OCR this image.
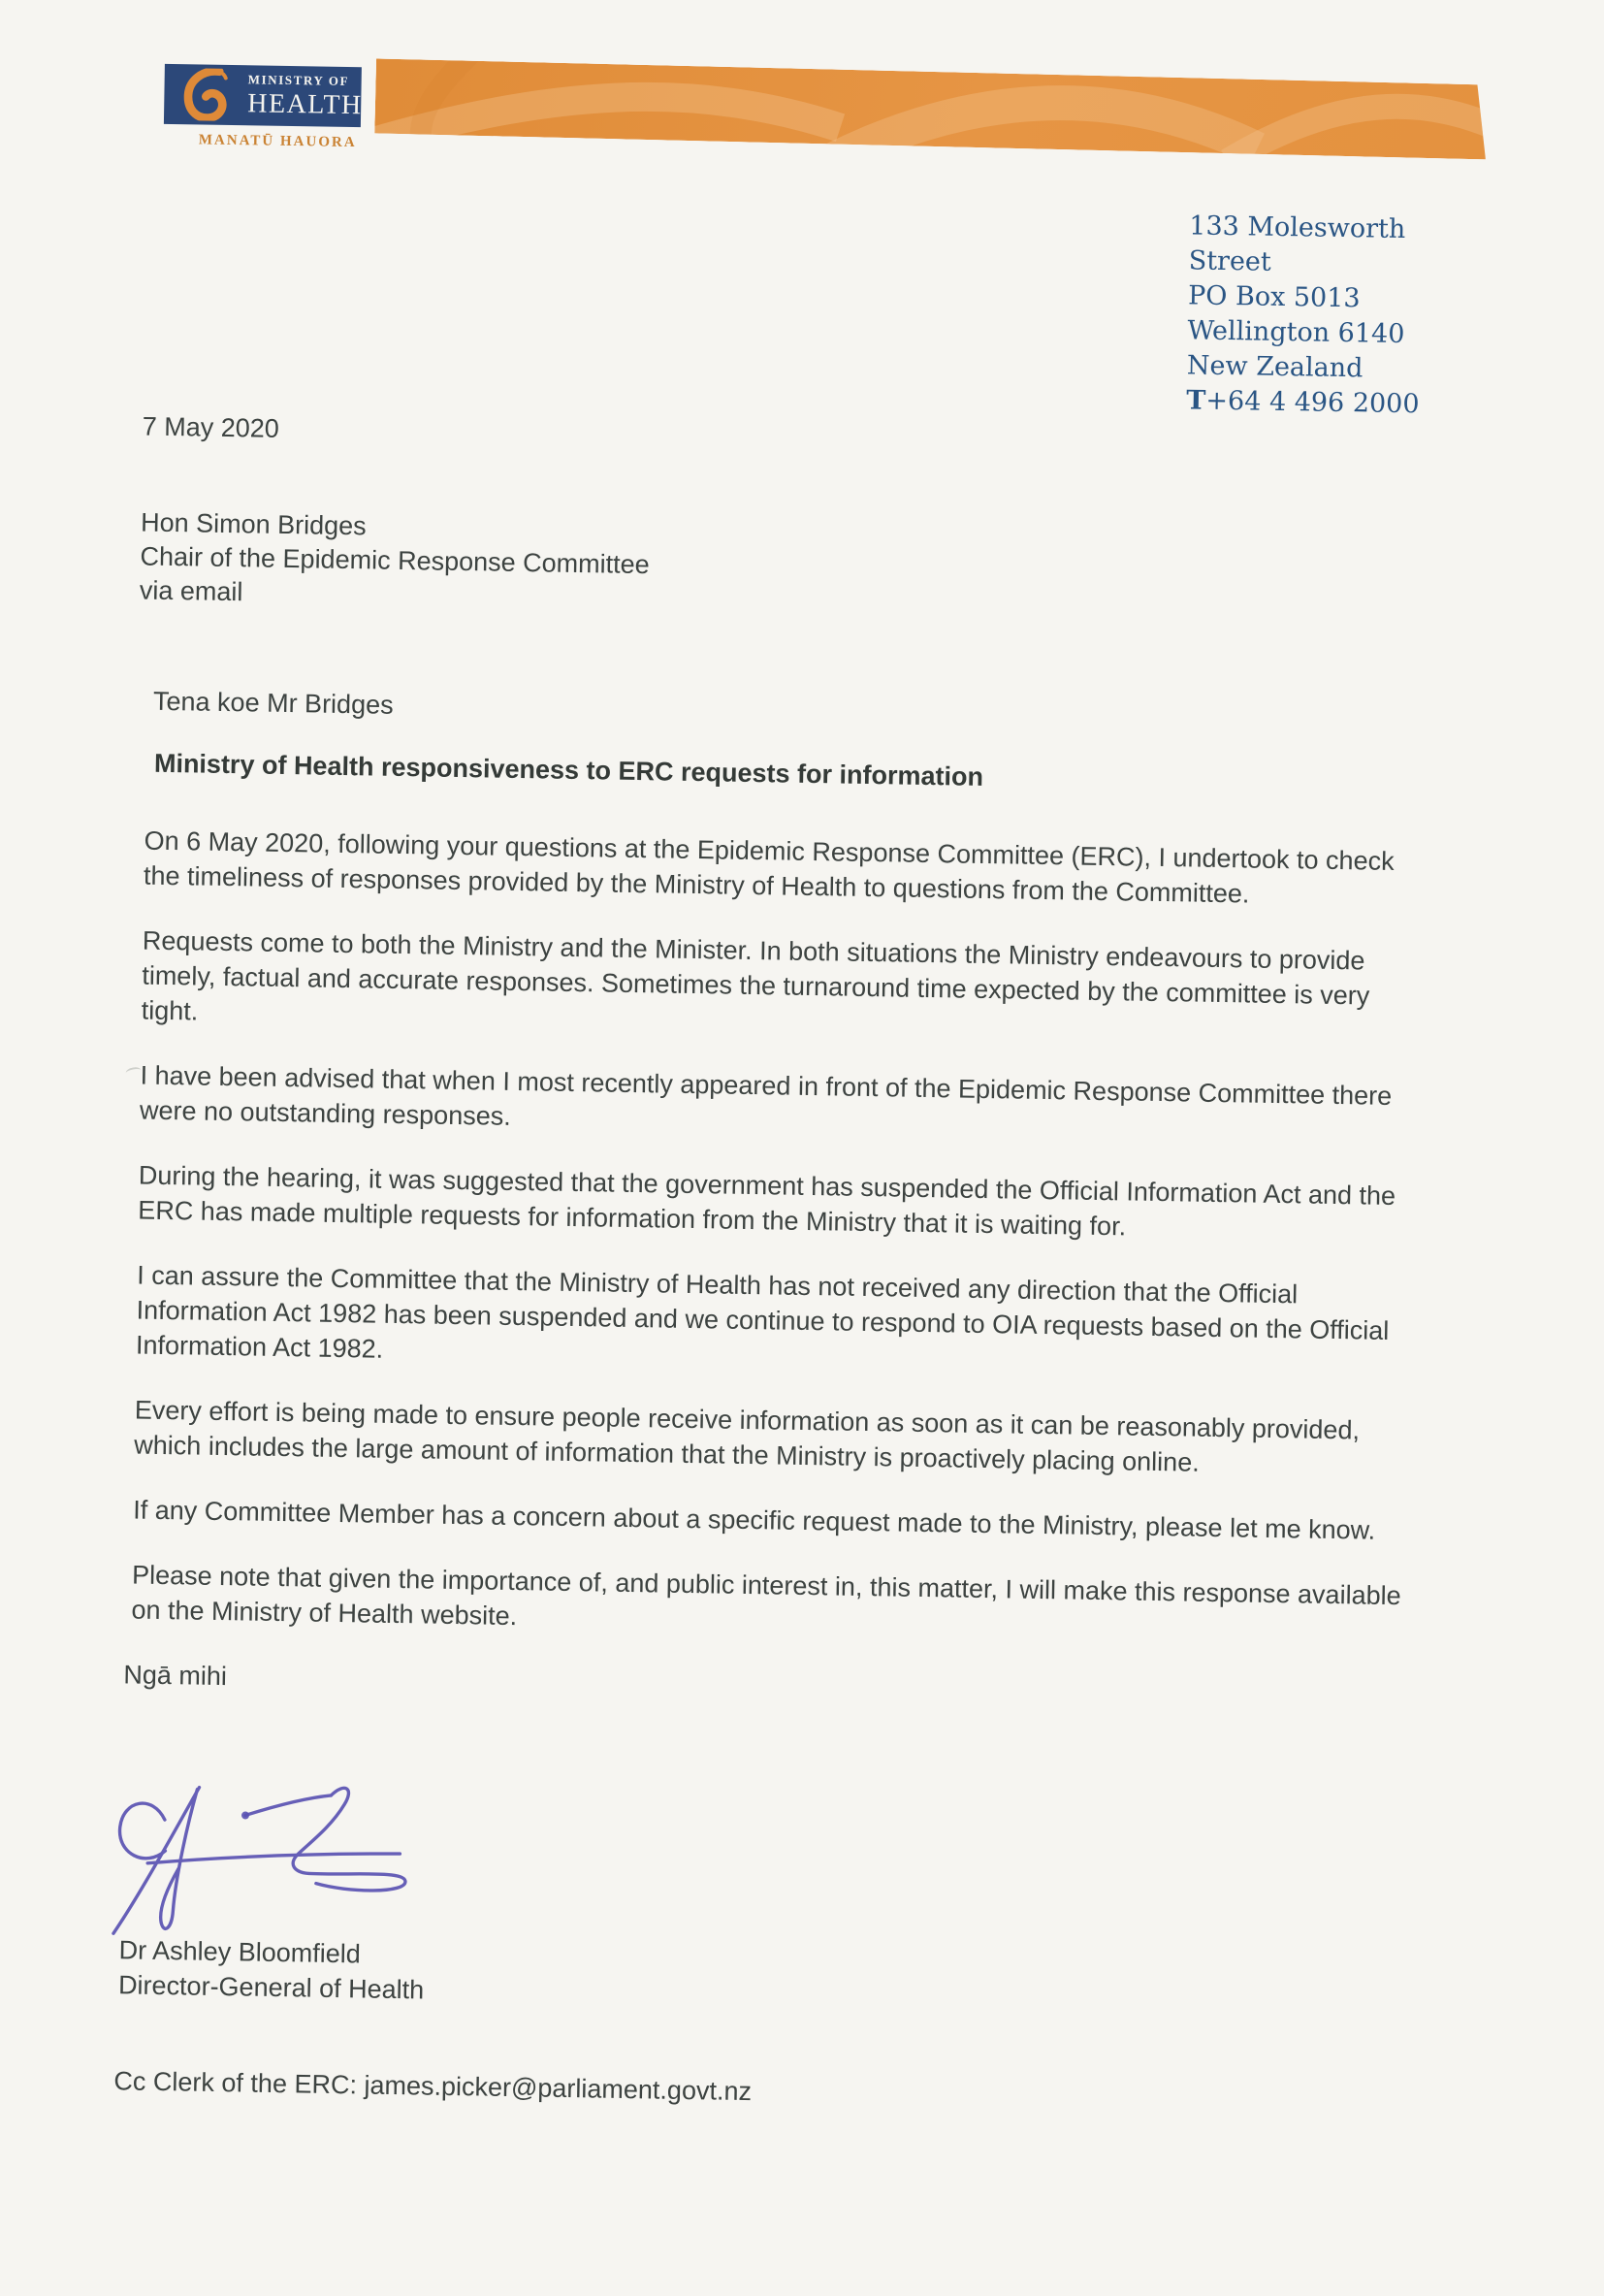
MINISTRY OF
HEALTH
MANATŪ HAUORA
133 Molesworth
Street
PO Box 5013
Wellington 6140
New Zealand
T+64 4 496 2000
7 May 2020
Hon Simon Bridges
Chair of the Epidemic Response Committee
via email
Tena koe Mr Bridges
Ministry of Health responsiveness to ERC requests for information

On 6 May 2020, following your questions at the Epidemic Response Committee (ERC), I undertook to check the timeliness of responses provided by the Ministry of Health to questions from the Committee.

Requests come to both the Ministry and the Minister. In both situations the Ministry endeavours to provide timely, factual and accurate responses. Sometimes the turnaround time expected by the committee is very tight.

I have been advised that when I most recently appeared in front of the Epidemic Response Committee there were no outstanding responses.

During the hearing, it was suggested that the government has suspended the Official Information Act and the ERC has made multiple requests for information from the Ministry that it is waiting for.

I can assure the Committee that the Ministry of Health has not received any direction that the Official Information Act 1982 has been suspended and we continue to respond to OIA requests based on the Official Information Act 1982.

Every effort is being made to ensure people receive information as soon as it can be reasonably provided, which includes the large amount of information that the Ministry is proactively placing online.

If any Committee Member has a concern about a specific request made to the Ministry, please let me know.

Please note that given the importance of, and public interest in, this matter, I will make this response available on the Ministry of Health website.

Ngā mihi

Dr Ashley Bloomfield
Director-General of Health
Cc Clerk of the ERC: james.picker@parliament.govt.nz
